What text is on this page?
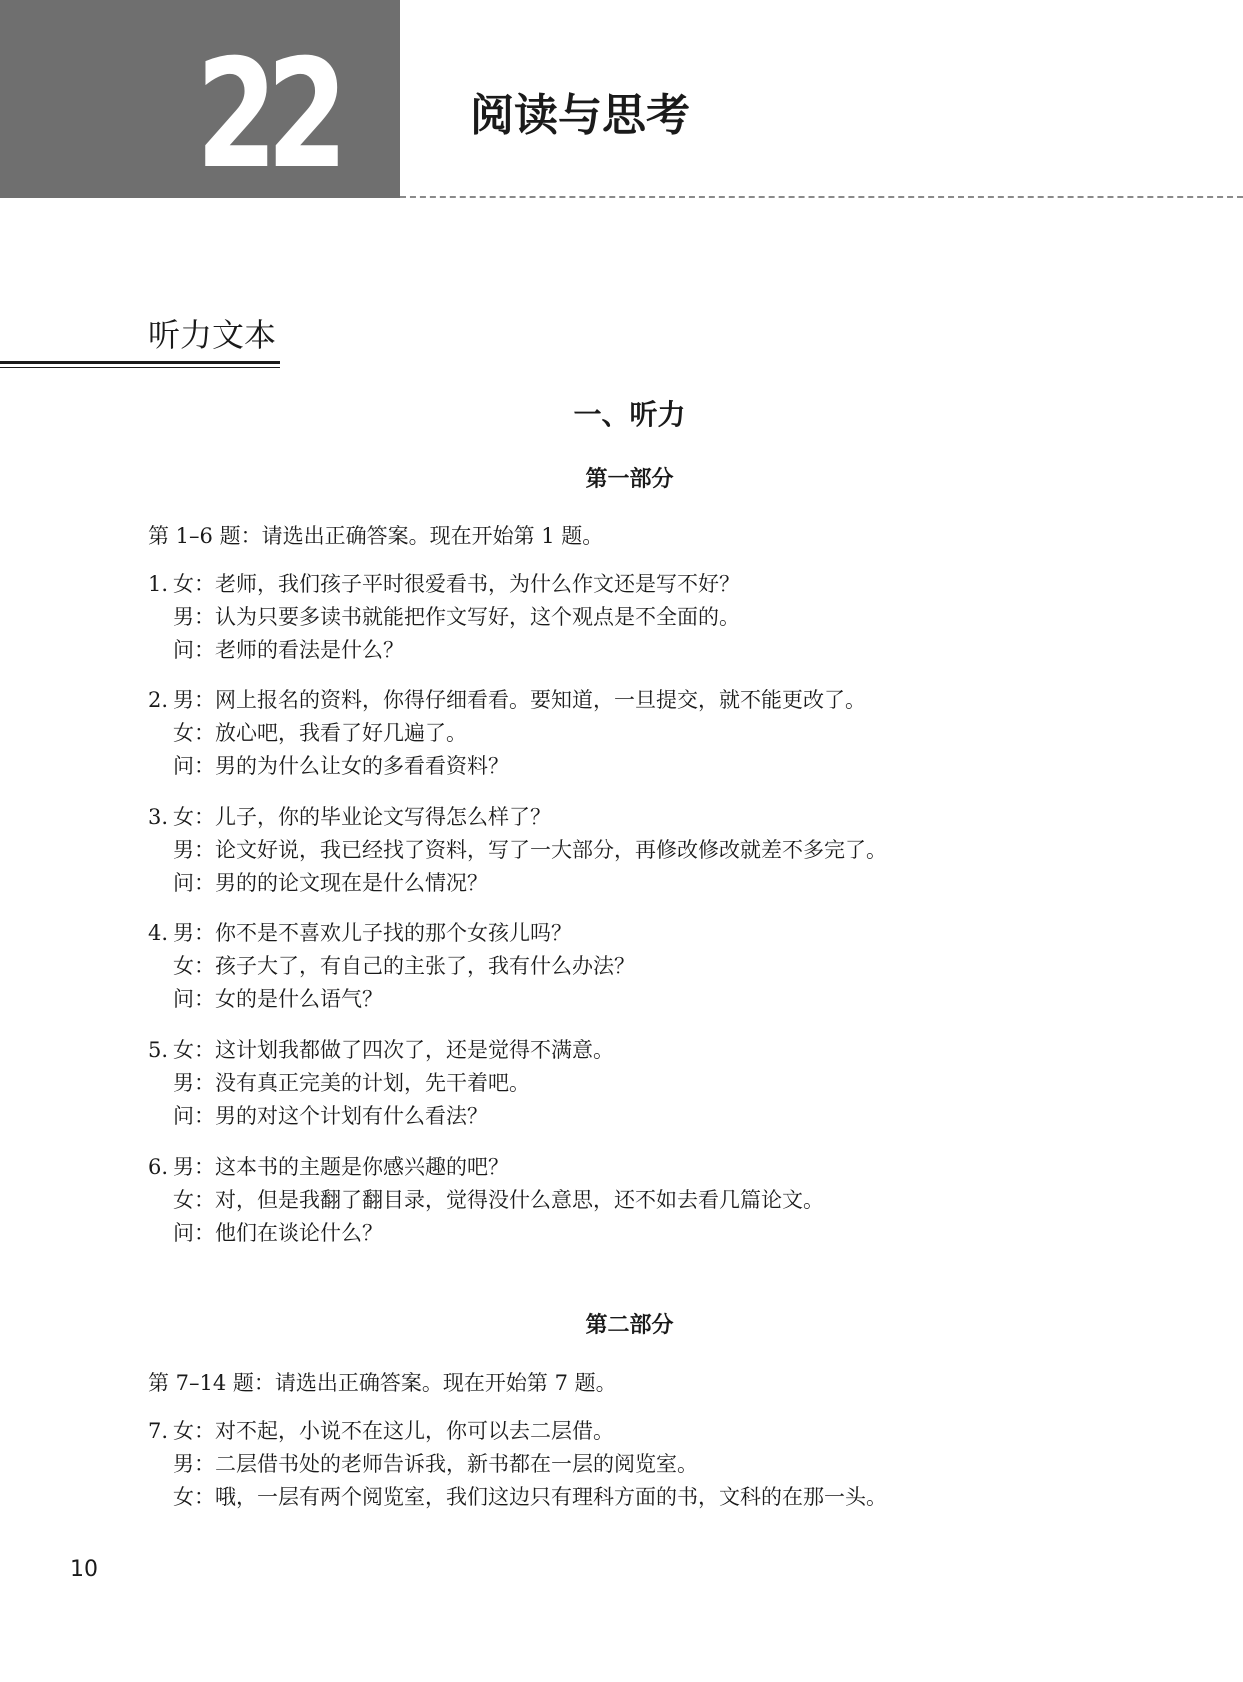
22	阅读与思考
听力文本
一、听力
第一部分
第 1–6 题：请选出正确答案。现在开始第 1 题。
1. 女：老师，我们孩子平时很爱看书，为什么作文还是写不好？
男：认为只要多读书就能把作文写好，这个观点是不全面的。
问：老师的看法是什么？
2. 男：网上报名的资料，你得仔细看看。要知道，一旦提交，就不能更改了。
女：放心吧，我看了好几遍了。
问：男的为什么让女的多看看资料？
3. 女：儿子，你的毕业论文写得怎么样了？
男：论文好说，我已经找了资料，写了一大部分，再修改修改就差不多完了。
问：男的的论文现在是什么情况？
4. 男：你不是不喜欢儿子找的那个女孩儿吗？
女：孩子大了，有自己的主张了，我有什么办法？
问：女的是什么语气？
5. 女：这计划我都做了四次了，还是觉得不满意。
男：没有真正完美的计划，先干着吧。
问：男的对这个计划有什么看法？
6. 男：这本书的主题是你感兴趣的吧？
女：对，但是我翻了翻目录，觉得没什么意思，还不如去看几篇论文。
问：他们在谈论什么？
第二部分
第 7–14 题：请选出正确答案。现在开始第 7 题。
7. 女：对不起，小说不在这儿，你可以去二层借。
男：二层借书处的老师告诉我，新书都在一层的阅览室。
女：哦，一层有两个阅览室，我们这边只有理科方面的书，文科的在那一头。
10
